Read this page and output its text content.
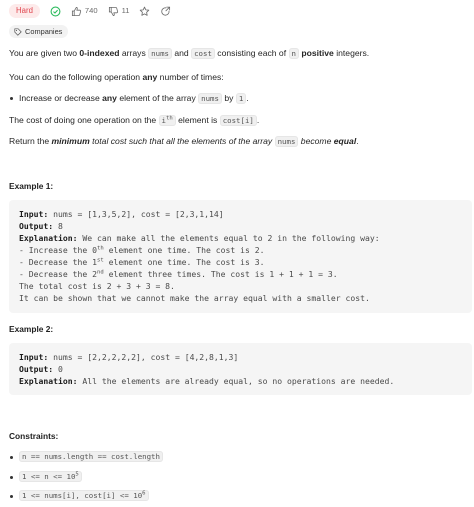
Hard	740	11
Companies
You are given two 0-indexed arrays nums and cost consisting each of n positive integers.
You can do the following operation any number of times:
Increase or decrease any element of the array nums by 1 .
The cost of doing one operation on the $i^{th}$ element is cost[i] .
Return the minimum total cost such that all the elements of the array nums become equal.
Example 1:
Input: nums = [1,3,5,2], cost = [2,3,1,14]
Output: 8
Explanation: We can make all the elements equal to 2 in the following way:
- Increase the 0th element one time. The cost is 2.
- Decrease the 1st element one time. The cost is 3.
- Decrease the 2nd element three times. The cost is 1 + 1 + 1 = 3.
The total cost is 2 + 3 + 3 = 8.
It can be shown that we cannot make the array equal with a smaller cost.
Example 2:
Input: nums = [2,2,2,2,2], cost = [4,2,8,1,3]
Output: 0
Explanation: All the elements are already equal, so no operations are needed.
Constraints:
n == nums.length == cost.length
$1 <= n <= 10^5$
1 <= nums[i], $\cos t[i] <= 10^6$
